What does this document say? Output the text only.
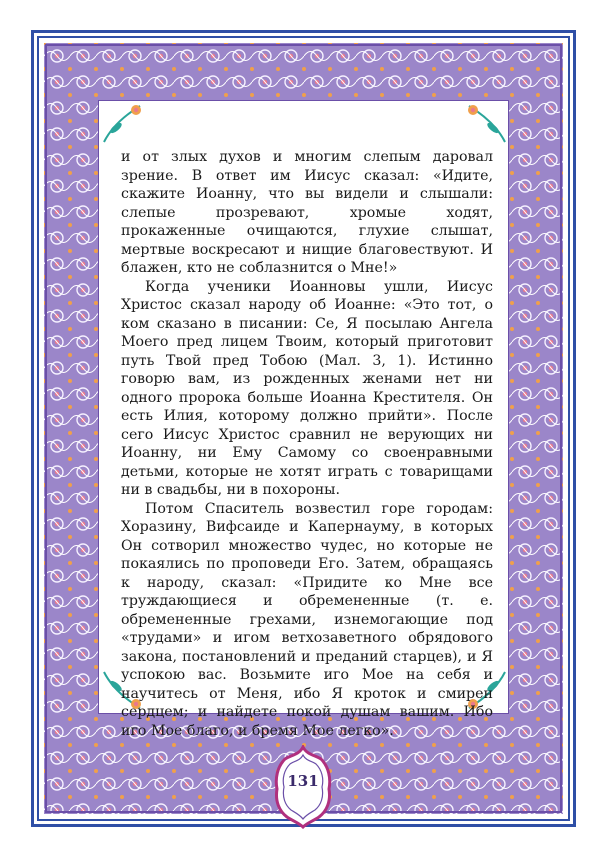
и от злых духов и многим слепым даровал зрение. В ответ им Иисус сказал: «Идите, скажите Иоанну, что вы видели и слышали: слепые прозревают, хромые ходят, прокаженные очищаются, глухие слышат, мертвые воскресают и нищие благовествуют. И блажен, кто не соблазнится о Мне!»

Когда ученики Иоанновы ушли, Иисус Христос сказал народу об Иоанне: «Это тот, о ком сказано в писании: Се, Я посылаю Ангела Моего пред лицем Твоим, который приготовит путь Твой пред Тобою (Мал. 3, 1). Истинно говорю вам, из рожденных женами нет ни одного пророка больше Иоанна Крестителя. Он есть Илия, которому должно прийти». После сего Иисус Христос сравнил не верующих ни Иоанну, ни Ему Самому со своенравными детьми, которые не хотят играть с товарищами ни в свадьбы, ни в похороны.

Потом Спаситель возвестил горе городам: Хоразину, Вифсаиде и Капернауму, в которых Он сотворил множество чудес, но которые не покаялись по проповеди Его. Затем, обращаясь к народу, сказал: «Придите ко Мне все труждающиеся и обремененные (т. е. обремененные грехами, изнемогающие под «трудами» и игом ветхозаветного обрядового закона, постановлений и преданий старцев), и Я успокою вас. Возьмите иго Мое на себя и научитесь от Меня, ибо Я кроток и смирен сердцем; и найдете покой душам вашим. Ибо иго Мое благо, и бремя Мое легко».

131
